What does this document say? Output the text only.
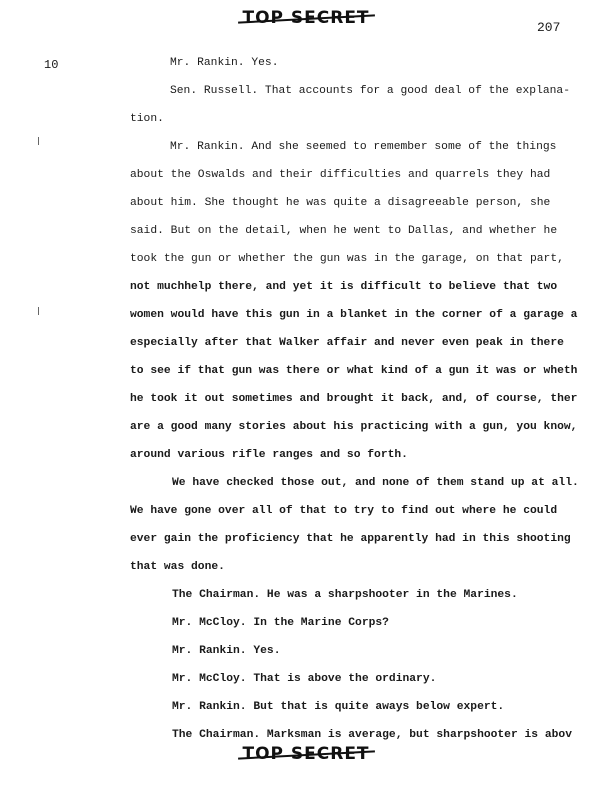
TOP SECRET	207
10	Mr. Rankin. Yes.
Sen. Russell. That accounts for a good deal of the explana-
tion.
Mr. Rankin. And she seemed to remember some of the things
about the Oswalds and their difficulties and quarrels they had
about him. She thought he was quite a disagreeable person, she
said. But on the detail, when he went to Dallas, and whether he
took the gun or whether the gun was in the garage, on that part,
not muchhelp there, and yet it is difficult to believe that two
women would have this gun in a blanket in the corner of a garage a
especially after that Walker affair and never even peak in there
to see if that gun was there or what kind of a gun it was or wheth
he took it out sometimes and brought it back, and, of course, ther
are a good many stories about his practicing with a gun, you know,
around various rifle ranges and so forth.
We have checked those out, and none of them stand up at all.
We have gone over all of that to try to find out where he could
ever gain the proficiency that he apparently had in this shooting
that was done.
The Chairman. He was a sharpshooter in the Marines.
Mr. McCloy. In the Marine Corps?
Mr. Rankin. Yes.
Mr. McCloy. That is above the ordinary.
Mr. Rankin. But that is quite aways below expert.
The Chairman. Marksman is average, but sharpshooter is abov
TOP SECRET
